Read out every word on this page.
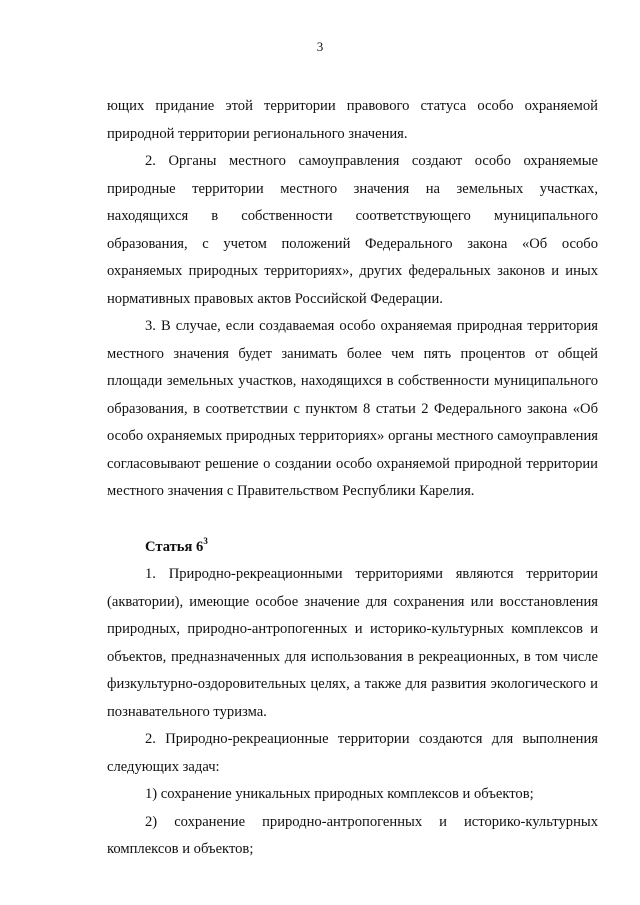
3

ющих придание этой территории правового статуса особо охраняемой природной территории регионального значения.

2. Органы местного самоуправления создают особо охраняемые природные территории местного значения на земельных участках, находящихся в собственности соответствующего муниципального образования, с учетом положений Федерального закона «Об особо охраняемых природных территориях», других федеральных законов и иных нормативных правовых актов Российской Федерации.

3. В случае, если создаваемая особо охраняемая природная территория местного значения будет занимать более чем пять процентов от общей площади земельных участков, находящихся в собственности муниципального образования, в соответствии с пунктом 8 статьи 2 Федерального закона «Об особо охраняемых природных территориях» органы местного самоуправления согласовывают решение о создании особо охраняемой природной территории местного значения с Правительством Республики Карелия.

Статья $6^3$

1. Природно-рекреационными территориями являются территории (акватории), имеющие особое значение для сохранения или восстановления природных, природно-антропогенных и историко-культурных комплексов и объектов, предназначенных для использования в рекреационных, в том числе физкультурно-оздоровительных целях, а также для развития экологического и познавательного туризма.

2. Природно-рекреационные территории создаются для выполнения следующих задач:

1) сохранение уникальных природных комплексов и объектов;

2) сохранение природно-антропогенных и историко-культурных комплексов и объектов;
